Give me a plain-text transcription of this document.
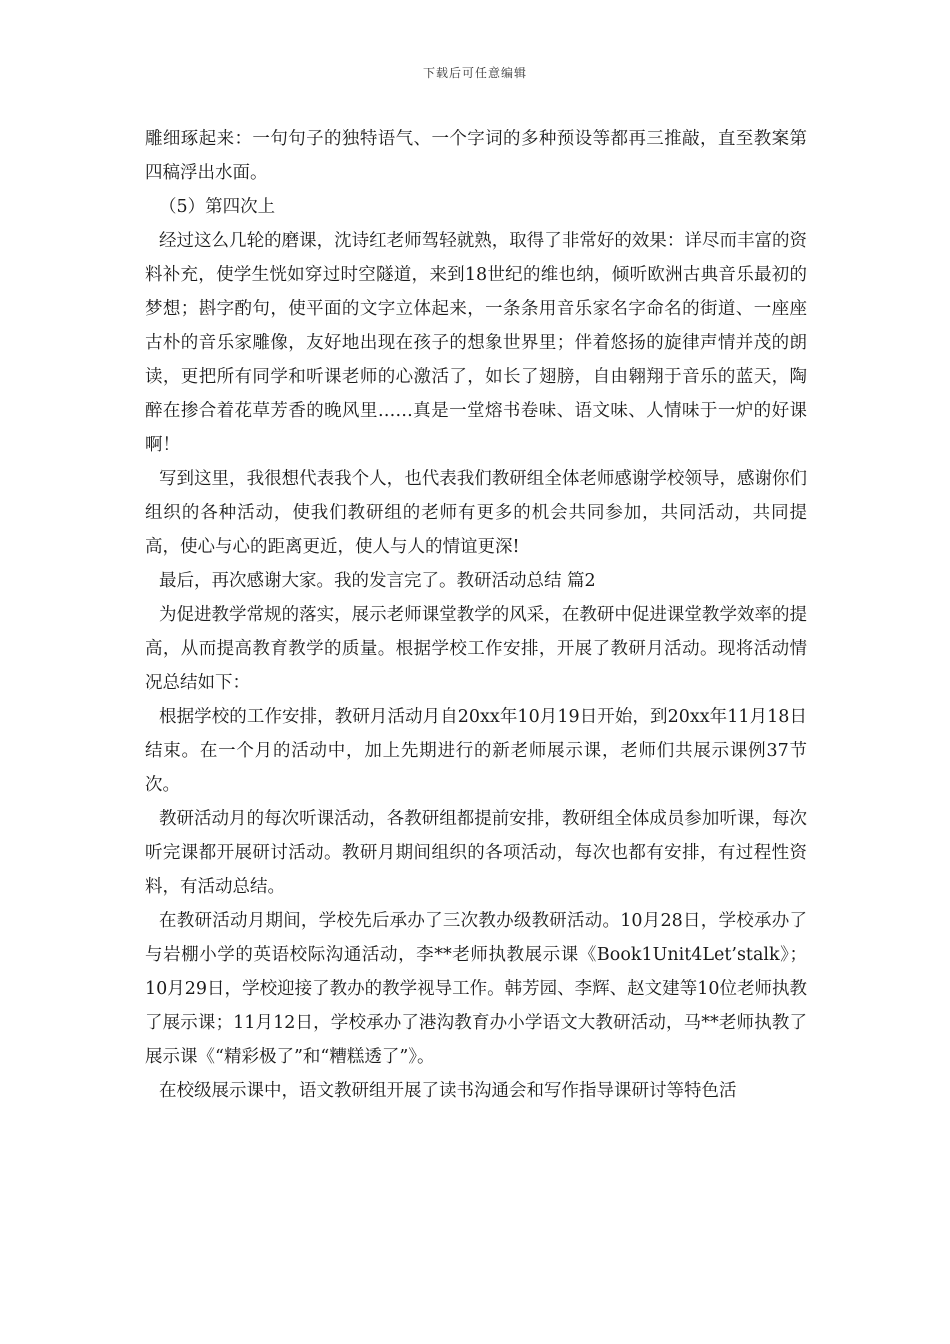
下载后可任意编辑

雕细琢起来：一句句子的独特语气、一个字词的多种预设等都再三推敲，直至教案第四稿浮出水面。

（5）第四次上

经过这么几轮的磨课，沈诗红老师驾轻就熟，取得了非常好的效果：详尽而丰富的资料补充，使学生恍如穿过时空隧道，来到18世纪的维也纳，倾听欧洲古典音乐最初的梦想；斟字酌句，使平面的文字立体起来，一条条用音乐家名字命名的街道、一座座古朴的音乐家雕像，友好地出现在孩子的想象世界里；伴着悠扬的旋律声情并茂的朗读，更把所有同学和听课老师的心激活了，如长了翅膀，自由翱翔于音乐的蓝天，陶醉在掺合着花草芳香的晚风里……真是一堂熔书卷味、语文味、人情味于一炉的好课啊！

写到这里，我很想代表我个人，也代表我们教研组全体老师感谢学校领导，感谢你们组织的各种活动，使我们教研组的老师有更多的机会共同参加，共同活动，共同提高，使心与心的距离更近，使人与人的情谊更深!

最后，再次感谢大家。我的发言完了。教研活动总结 篇2

为促进教学常规的落实，展示老师课堂教学的风采，在教研中促进课堂教学效率的提高，从而提高教育教学的质量。根据学校工作安排，开展了教研月活动。现将活动情况总结如下：

根据学校的工作安排，教研月活动月自20xx年10月19日开始，到20xx年11月18日结束。在一个月的活动中，加上先期进行的新老师展示课，老师们共展示课例37节次。

教研活动月的每次听课活动，各教研组都提前安排，教研组全体成员参加听课，每次听完课都开展研讨活动。教研月期间组织的各项活动，每次也都有安排，有过程性资料，有活动总结。

在教研活动月期间，学校先后承办了三次教办级教研活动。10月28日，学校承办了与岩棚小学的英语校际沟通活动，李**老师执教展示课《Book1Unit4Let’stalk》；10月29日，学校迎接了教办的教学视导工作。韩芳园、李辉、赵文建等10位老师执教了展示课；11月12日，学校承办了港沟教育办小学语文大教研活动，马**老师执教了展示课《“精彩极了”和“糟糕透了”》。

在校级展示课中，语文教研组开展了读书沟通会和写作指导课研讨等特色活
